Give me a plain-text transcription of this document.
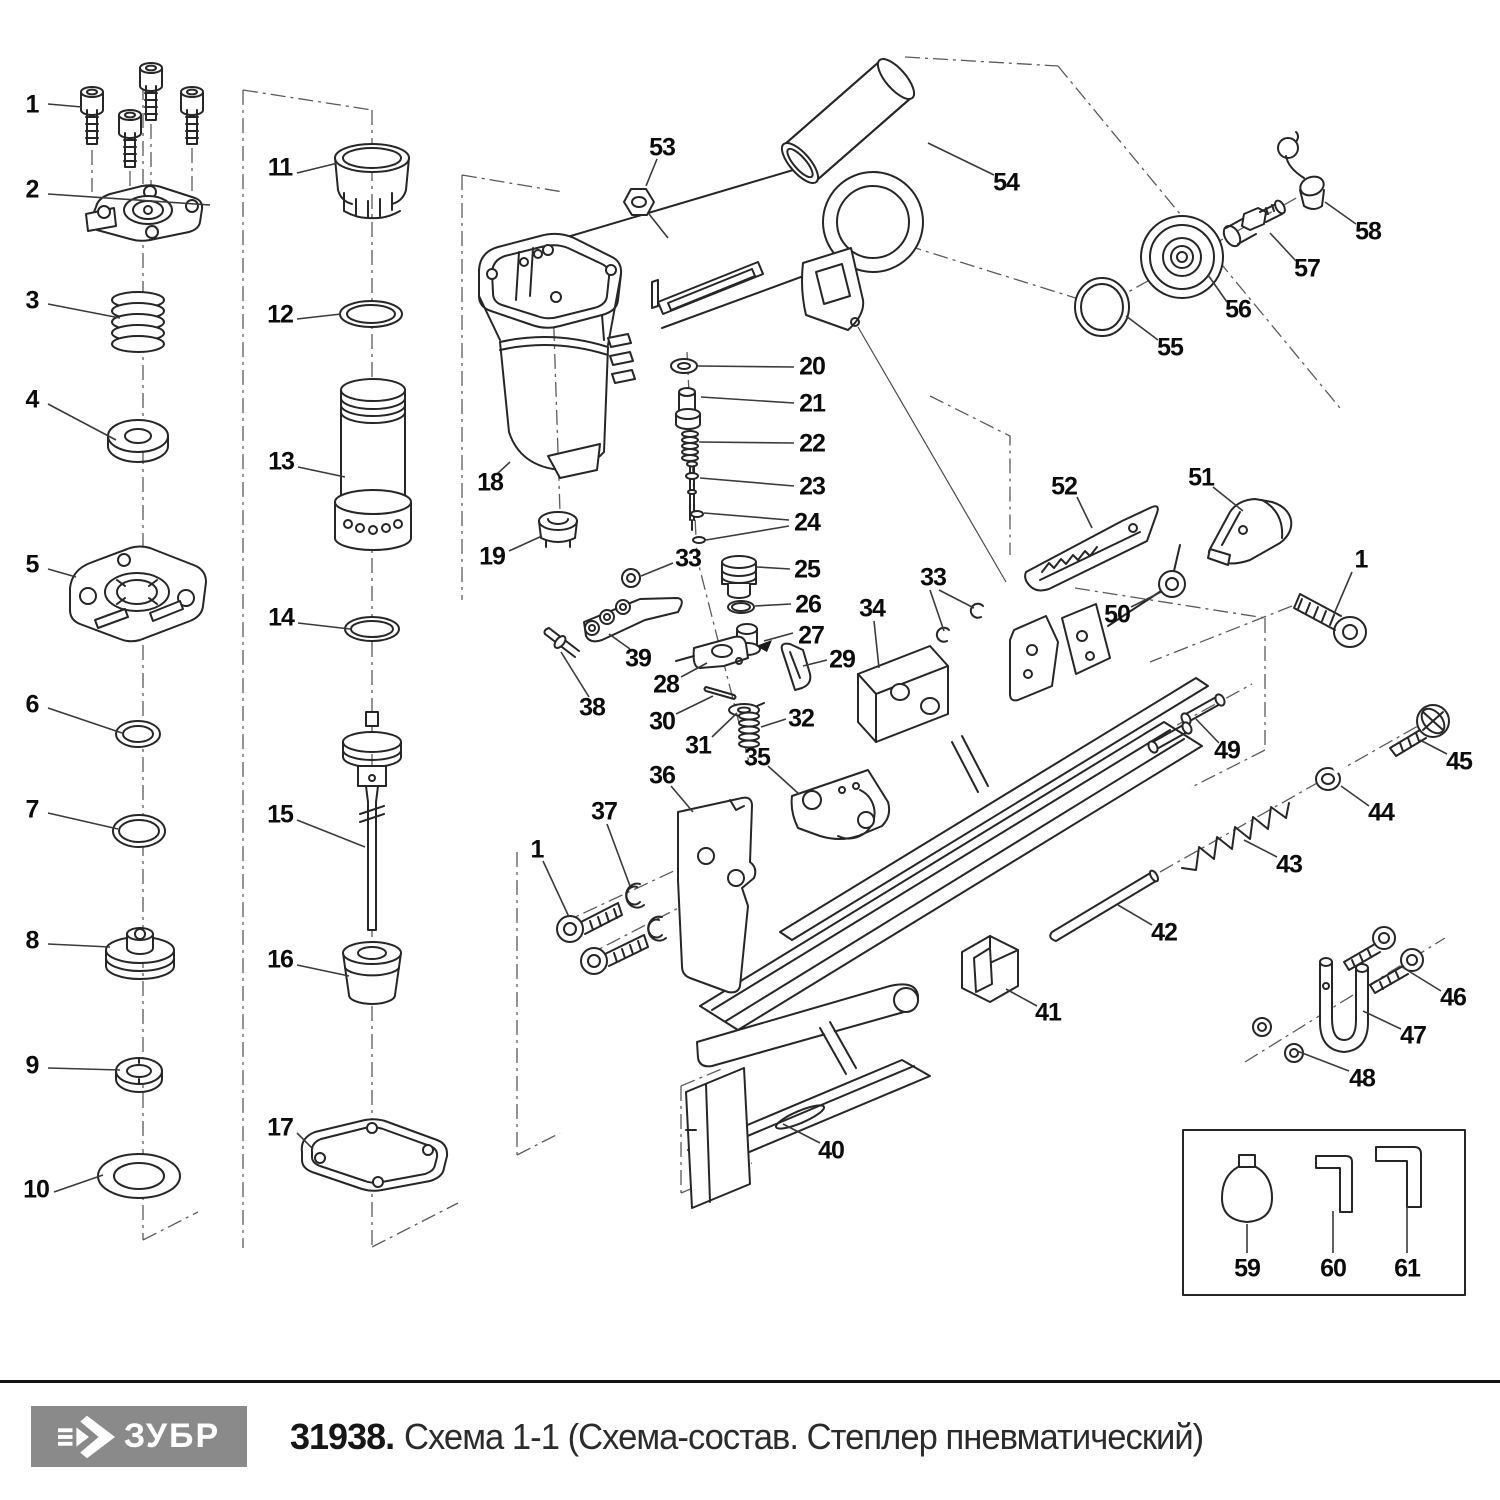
1
2
3
4
5
6
7
8
9
10
11
12
13
14
15
16
17
18
19
53
54
20
21
22
23
24
25
26
27
28
29
30
31
32
33
33
34
35
36
37
38
39
1
40
41
42
43
44
45
46
47
48
49
50
51
1
52
55
56
57
58
59 60 61
ЗУБР 31938. Схема 1-1 (Схема-состав. Степлер пневматический)
